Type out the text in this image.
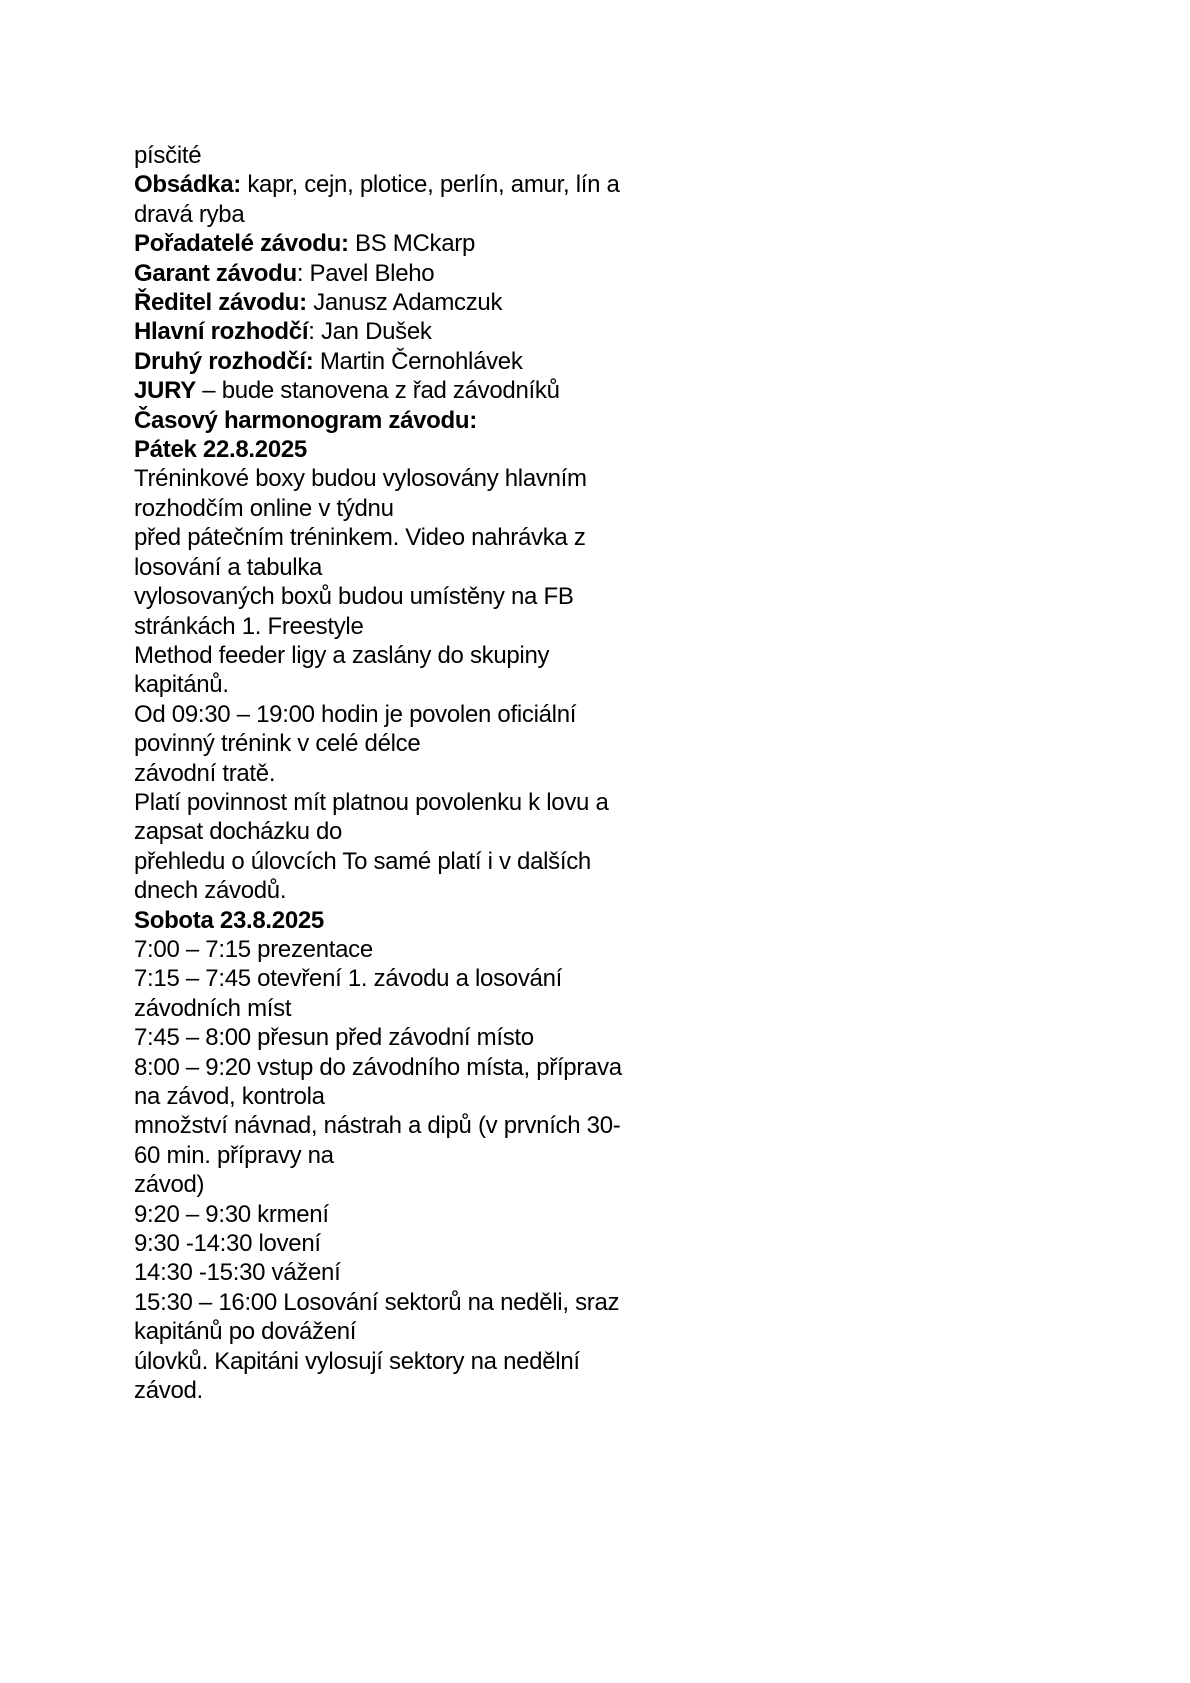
písčité
Obsádka: kapr, cejn, plotice, perlín, amur, lín a
dravá ryba
Pořadatelé závodu: BS MCkarp
Garant závodu: Pavel Bleho
Ředitel závodu: Janusz Adamczuk
Hlavní rozhodčí: Jan Dušek
Druhý rozhodčí: Martin Černohlávek
JURY – bude stanovena z řad závodníků
Časový harmonogram závodu:
Pátek 22.8.2025
Tréninkové boxy budou vylosovány hlavním
rozhodčím online v týdnu
před pátečním tréninkem. Video nahrávka z
losování a tabulka
vylosovaných boxů budou umístěny na FB
stránkách 1. Freestyle
Method feeder ligy a zaslány do skupiny
kapitánů.
Od 09:30 – 19:00 hodin je povolen oficiální
povinný trénink v celé délce
závodní tratě.
Platí povinnost mít platnou povolenku k lovu a
zapsat docházku do
přehledu o úlovcích To samé platí i v dalších
dnech závodů.
Sobota 23.8.2025
7:00 – 7:15 prezentace
7:15 – 7:45 otevření 1. závodu a losování
závodních míst
7:45 – 8:00 přesun před závodní místo
8:00 – 9:20 vstup do závodního místa, příprava
na závod, kontrola
množství návnad, nástrah a dipů (v prvních 30-
60 min. přípravy na
závod)
9:20 – 9:30 krmení
9:30 -14:30 lovení
14:30 -15:30 vážení
15:30 – 16:00 Losování sektorů na neděli, sraz
kapitánů po dovážení
úlovků. Kapitáni vylosují sektory na nedělní
závod.
